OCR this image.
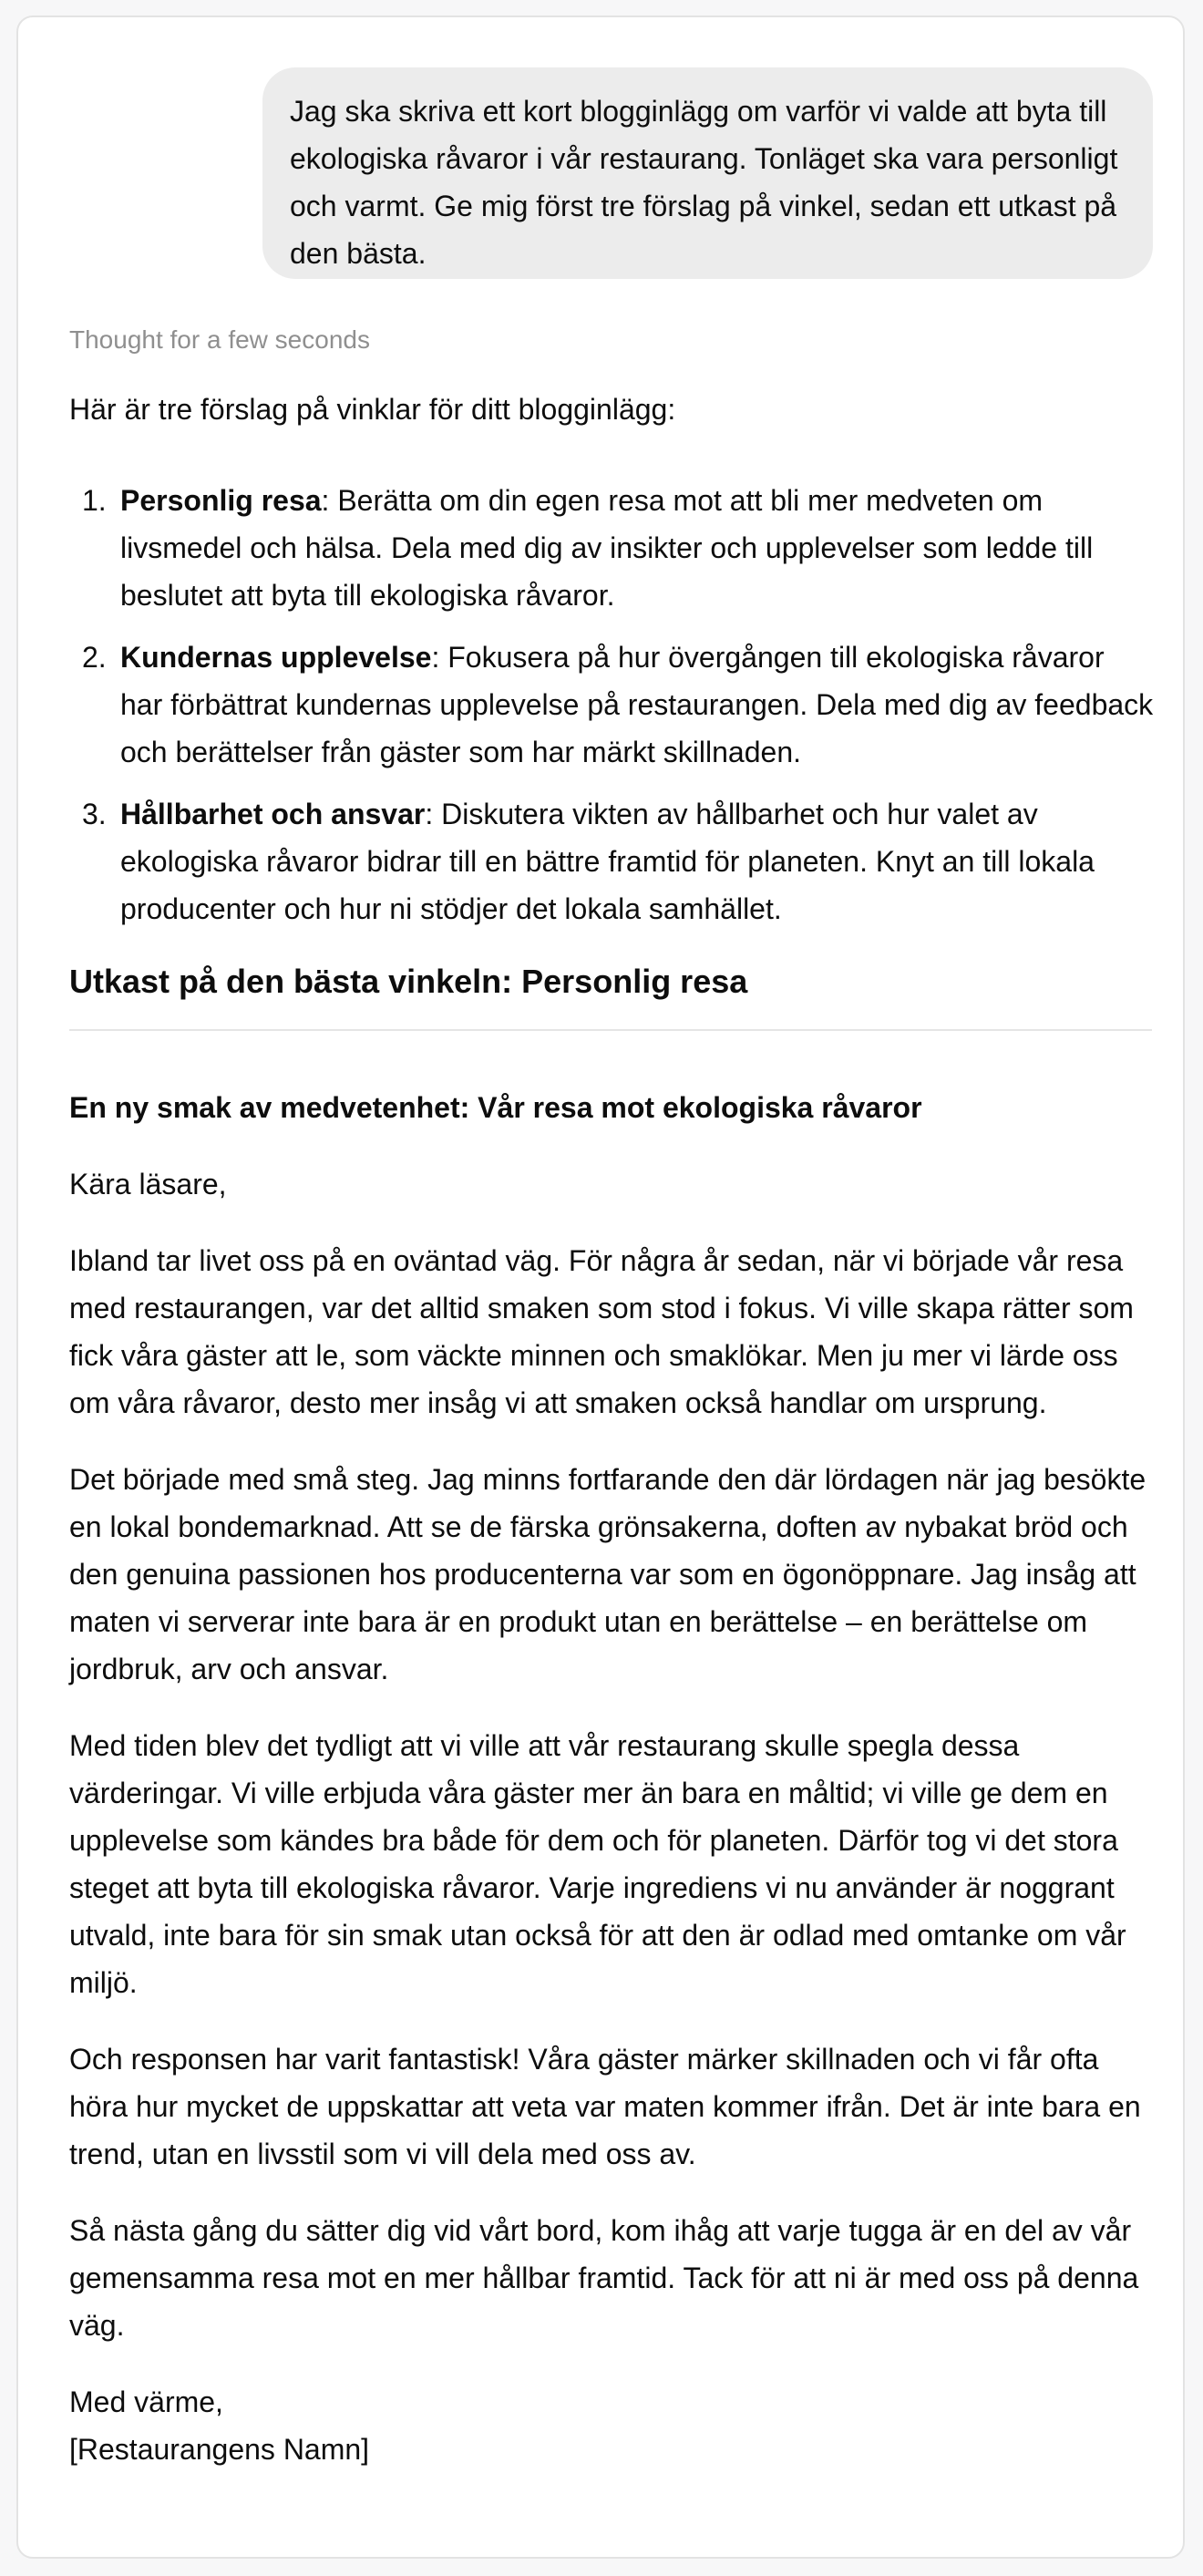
Jag ska skriva ett kort blogginlägg om varför vi valde att byta till ekologiska råvaror i vår restaurang. Tonläget ska vara personligt och varmt. Ge mig först tre förslag på vinkel, sedan ett utkast på den bästa.
Thought for a few seconds
Här är tre förslag på vinklar för ditt blogginlägg:
1. Personlig resa: Berätta om din egen resa mot att bli mer medveten om livsmedel och hälsa. Dela med dig av insikter och upplevelser som ledde till beslutet att byta till ekologiska råvaror.
2. Kundernas upplevelse: Fokusera på hur övergången till ekologiska råvaror har förbättrat kundernas upplevelse på restaurangen. Dela med dig av feedback och berättelser från gäster som har märkt skillnaden.
3. Hållbarhet och ansvar: Diskutera vikten av hållbarhet och hur valet av ekologiska råvaror bidrar till en bättre framtid för planeten. Knyt an till lokala producenter och hur ni stödjer det lokala samhället.
Utkast på den bästa vinkeln: Personlig resa
En ny smak av medvetenhet: Vår resa mot ekologiska råvaror

Kära läsare,

Ibland tar livet oss på en oväntad väg. För några år sedan, när vi började vår resa med restaurangen, var det alltid smaken som stod i fokus. Vi ville skapa rätter som fick våra gäster att le, som väckte minnen och smaklökar. Men ju mer vi lärde oss om våra råvaror, desto mer insåg vi att smaken också handlar om ursprung.

Det började med små steg. Jag minns fortfarande den där lördagen när jag besökte en lokal bondemarknad. Att se de färska grönsakerna, doften av nybakat bröd och den genuina passionen hos producenterna var som en ögonöppnare. Jag insåg att maten vi serverar inte bara är en produkt utan en berättelse – en berättelse om jordbruk, arv och ansvar.

Med tiden blev det tydligt att vi ville att vår restaurang skulle spegla dessa värderingar. Vi ville erbjuda våra gäster mer än bara en måltid; vi ville ge dem en upplevelse som kändes bra både för dem och för planeten. Därför tog vi det stora steget att byta till ekologiska råvaror. Varje ingrediens vi nu använder är noggrant utvald, inte bara för sin smak utan också för att den är odlad med omtanke om vår miljö.

Och responsen har varit fantastisk! Våra gäster märker skillnaden och vi får ofta höra hur mycket de uppskattar att veta var maten kommer ifrån. Det är inte bara en trend, utan en livsstil som vi vill dela med oss av.

Så nästa gång du sätter dig vid vårt bord, kom ihåg att varje tugga är en del av vår gemensamma resa mot en mer hållbar framtid. Tack för att ni är med oss på denna väg.

Med värme,
[Restaurangens Namn]
